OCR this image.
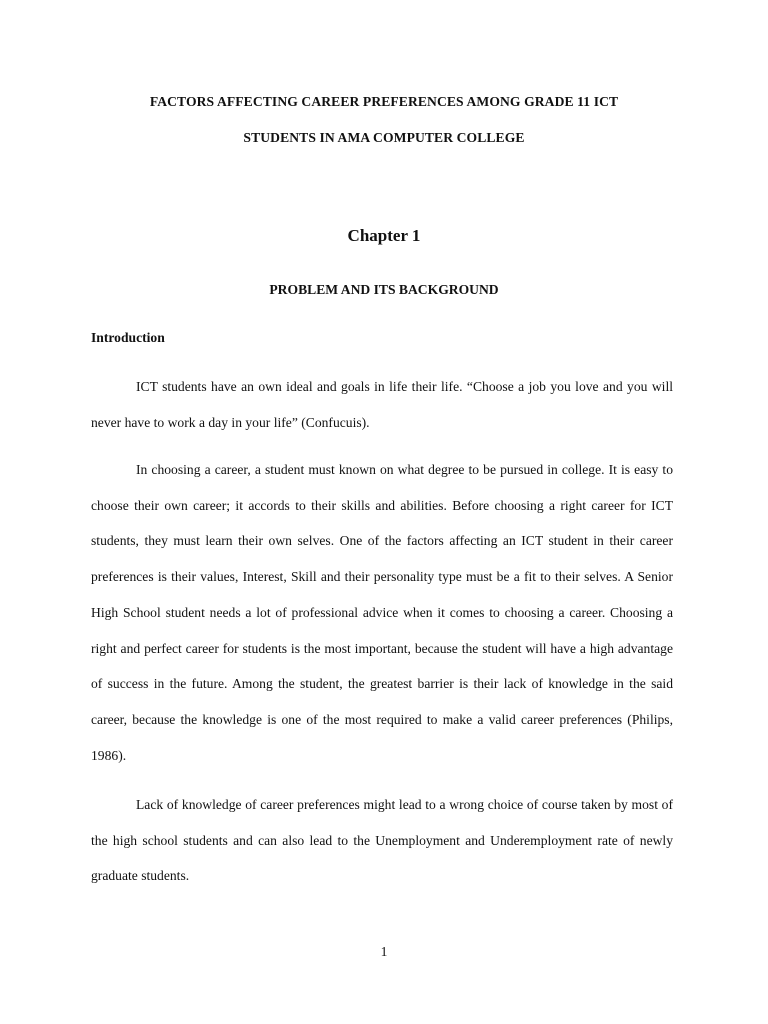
FACTORS AFFECTING CAREER PREFERENCES AMONG GRADE 11 ICT
STUDENTS IN AMA COMPUTER COLLEGE
Chapter 1
PROBLEM AND ITS BACKGROUND
Introduction

ICT students have an own ideal and goals in life their life. “Choose a job you love and you will never have to work a day in your life” (Confucuis).

In choosing a career, a student must known on what degree to be pursued in college. It is easy to choose their own career; it accords to their skills and abilities. Before choosing a right career for ICT students, they must learn their own selves. One of the factors affecting an ICT student in their career preferences is their values, Interest, Skill and their personality type must be a fit to their selves. A Senior High School student needs a lot of professional advice when it comes to choosing a career. Choosing a right and perfect career for students is the most important, because the student will have a high advantage of success in the future. Among the student, the greatest barrier is their lack of knowledge in the said career, because the knowledge is one of the most required to make a valid career preferences (Philips, 1986).

Lack of knowledge of career preferences might lead to a wrong choice of course taken by most of the high school students and can also lead to the Unemployment and Underemployment rate of newly graduate students.

1
